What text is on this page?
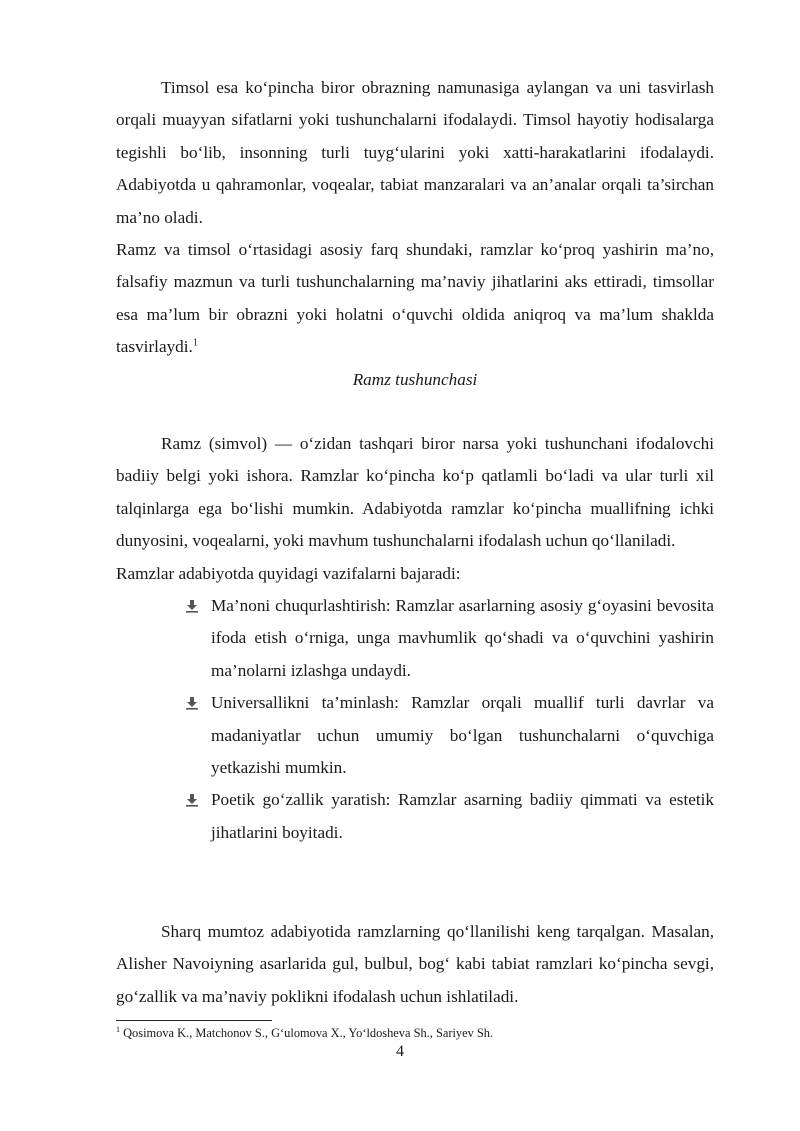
Timsol esa ko‘pincha biror obrazning namunasiga aylangan va uni tasvirlash orqali muayyan sifatlarni yoki tushunchalarni ifodalaydi. Timsol hayotiy hodisalarga tegishli bo‘lib, insonning turli tuyg‘ularini yoki xatti-harakatlarini ifodalaydi. Adabiyotda u qahramonlar, voqealar, tabiat manzaralari va an’analar orqali ta’sirchan ma’no oladi.

Ramz va timsol o‘rtasidagi asosiy farq shundaki, ramzlar ko‘proq yashirin ma’no, falsafiy mazmun va turli tushunchalarning ma’naviy jihatlarini aks ettiradi, timsollar esa ma’lum bir obrazni yoki holatni o‘quvchi oldida aniqroq va ma’lum shaklda tasvirlaydi.$^1$

Ramz tushunchasi

Ramz (simvol) — o‘zidan tashqari biror narsa yoki tushunchani ifodalovchi badiiy belgi yoki ishora. Ramzlar ko‘pincha ko‘p qatlamli bo‘ladi va ular turli xil talqinlarga ega bo‘lishi mumkin. Adabiyotda ramzlar ko‘pincha muallifning ichki dunyosini, voqealarni, yoki mavhum tushunchalarni ifodalash uchun qo‘llaniladi.

Ramzlar adabiyotda quyidagi vazifalarni bajaradi:

Ma’noni chuqurlashtirish: Ramzlar asarlarning asosiy g‘oyasini bevosita ifoda etish o‘rniga, unga mavhumlik qo‘shadi va o‘quvchini yashirin ma’nolarni izlashga undaydi.
Universallikni ta’minlash: Ramzlar orqali muallif turli davrlar va madaniyatlar uchun umumiy bo‘lgan tushunchalarni o‘quvchiga yetkazishi mumkin.
Poetik go‘zallik yaratish: Ramzlar asarning badiiy qimmati va estetik jihatlarini boyitadi.

Sharq mumtoz adabiyotida ramzlarning qo‘llanilishi keng tarqalgan. Masalan, Alisher Navoiyning asarlarida gul, bulbul, bog‘ kabi tabiat ramzlari ko‘pincha sevgi, go‘zallik va ma’naviy poklikni ifodalash uchun ishlatiladi.

$^1$ Qosimova K., Matchonov S., G‘ulomova X., Yo‘ldosheva Sh., Sariyev Sh.
4
